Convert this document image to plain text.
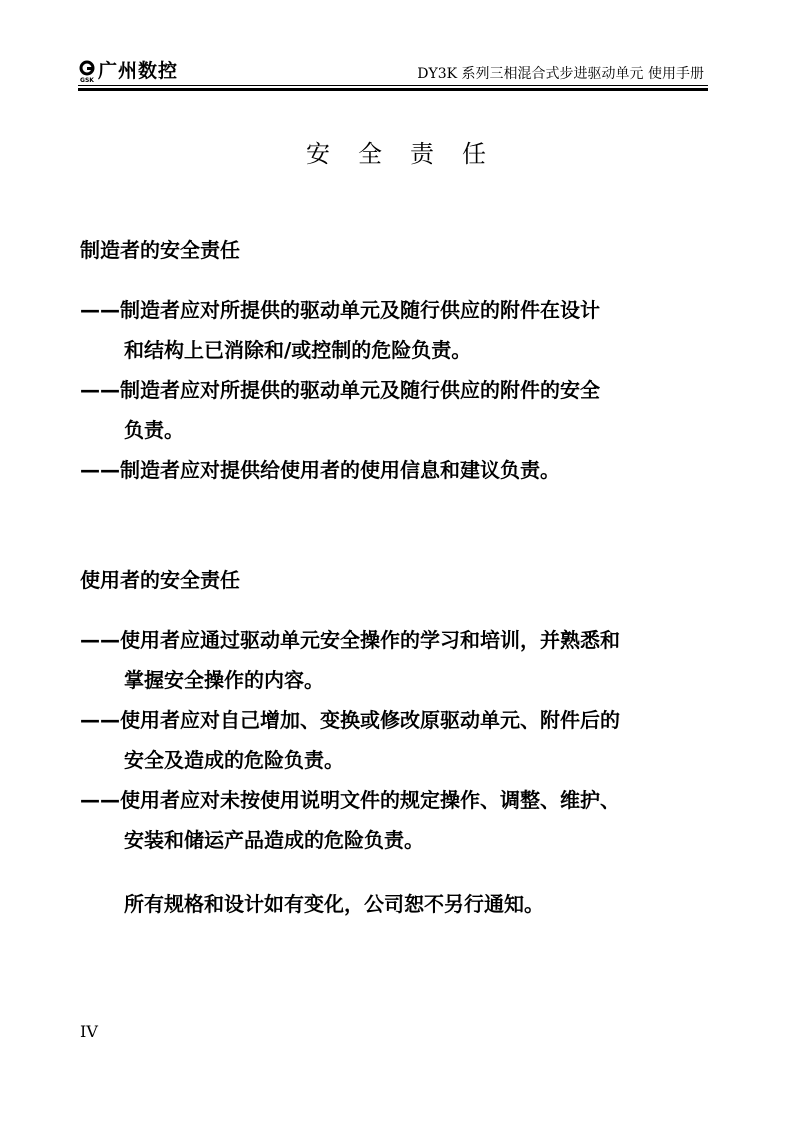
GSK 广州数控	DY3K 系列三相混合式步进驱动单元 使用手册
安全责任
制造者的安全责任
——制造者应对所提供的驱动单元及随行供应的附件在设计
和结构上已消除和/或控制的危险负责。
——制造者应对所提供的驱动单元及随行供应的附件的安全
负责。
——制造者应对提供给使用者的使用信息和建议负责。
使用者的安全责任
——使用者应通过驱动单元安全操作的学习和培训，并熟悉和
掌握安全操作的内容。
——使用者应对自己增加、变换或修改原驱动单元、附件后的
安全及造成的危险负责。
——使用者应对未按使用说明文件的规定操作、调整、维护、
安装和储运产品造成的危险负责。
所有规格和设计如有变化，公司恕不另行通知。
IV
